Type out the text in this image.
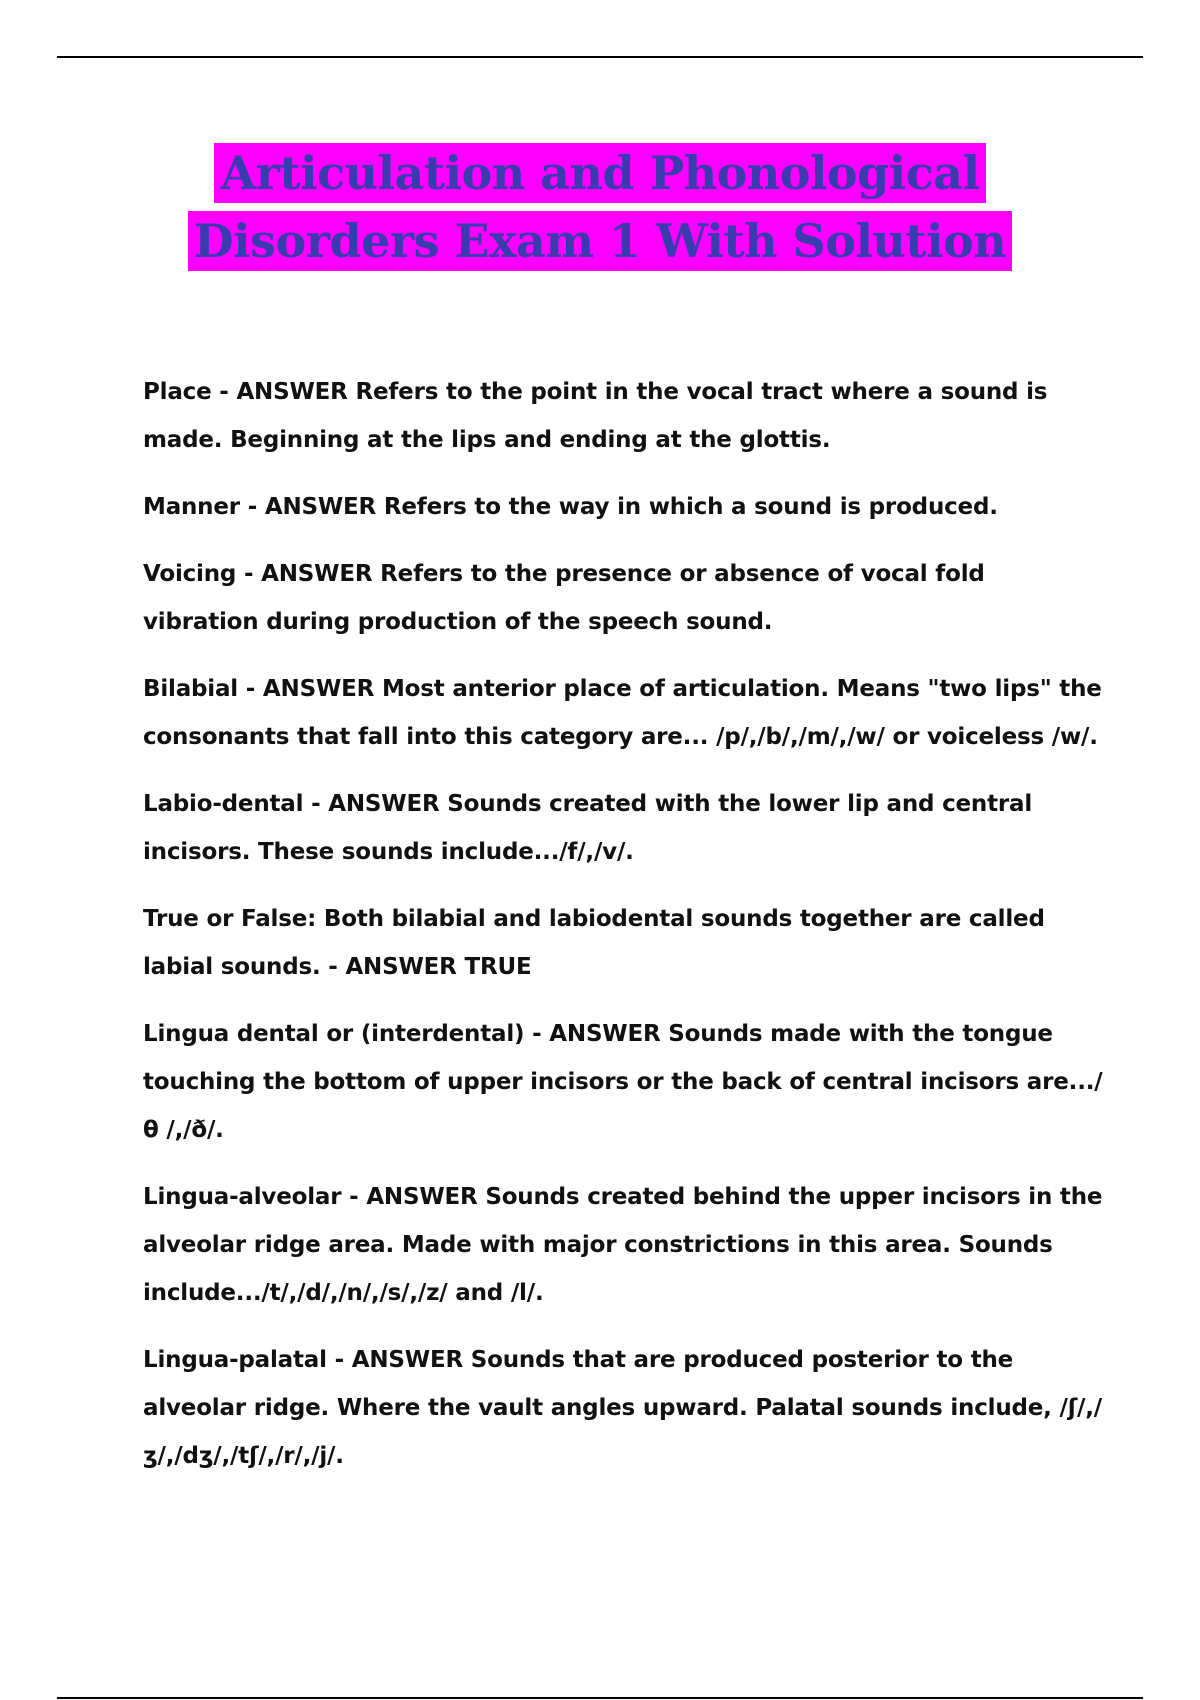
Articulation and Phonological
Disorders Exam 1 With Solution

Place - ANSWER Refers to the point in the vocal tract where a sound is made. Beginning at the lips and ending at the glottis.

Manner - ANSWER Refers to the way in which a sound is produced.

Voicing - ANSWER Refers to the presence or absence of vocal fold vibration during production of the speech sound.

Bilabial - ANSWER Most anterior place of articulation. Means "two lips" the consonants that fall into this category are... /p/,/b/,/m/,/w/ or voiceless /w/.

Labio-dental - ANSWER Sounds created with the lower lip and central incisors. These sounds include.../f/,/v/.

True or False: Both bilabial and labiodental sounds together are called labial sounds. - ANSWER TRUE

Lingua dental or (interdental) - ANSWER Sounds made with the tongue touching the bottom of upper incisors or the back of central incisors are.../θ /,/ð/.

Lingua-alveolar - ANSWER Sounds created behind the upper incisors in the alveolar ridge area. Made with major constrictions in this area. Sounds include.../t/,/d/,/n/,/s/,/z/ and /l/.

Lingua-palatal - ANSWER Sounds that are produced posterior to the alveolar ridge. Where the vault angles upward. Palatal sounds include, /ʃ/,/ʒ/,/dʒ/,/tʃ/,/r/,/j/.
